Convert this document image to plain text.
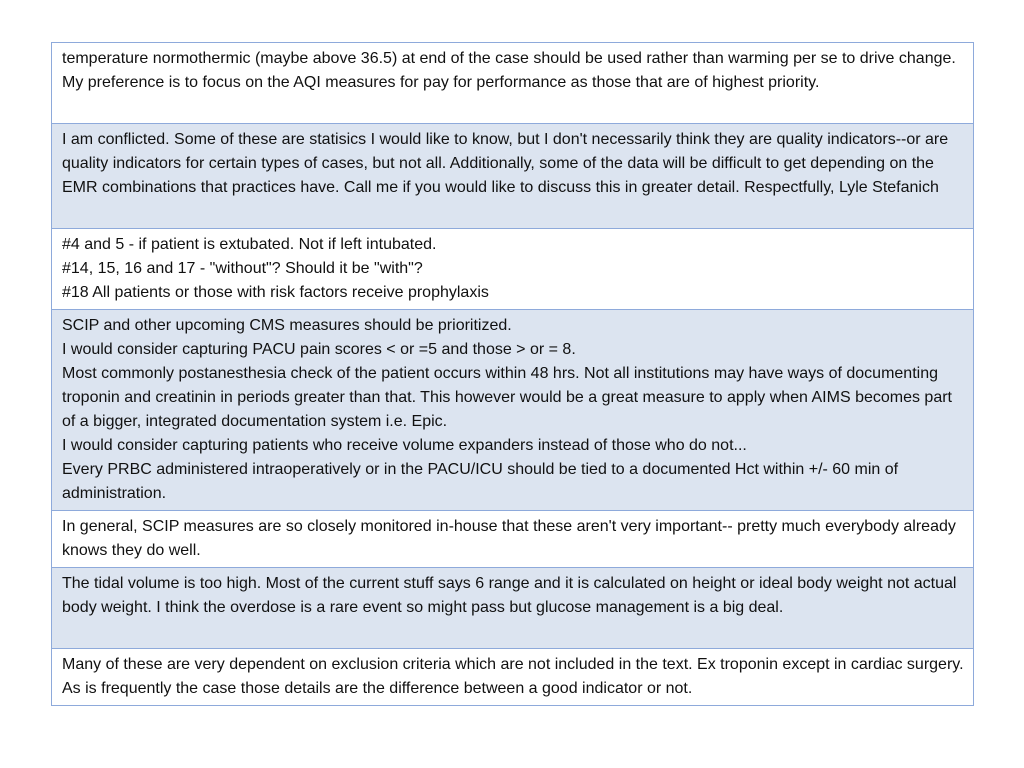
temperature normothermic (maybe above 36.5) at end of the case should be used rather than warming per se to drive change. My preference is to focus on the AQI measures for pay for performance as those that are of highest priority.

I am conflicted. Some of these are statisics I would like to know, but I don't necessarily think they are quality indicators--or are quality indicators for certain types of cases, but not all. Additionally, some of the data will be difficult to get depending on the EMR combinations that practices have. Call me if you would like to discuss this in greater detail. Respectfully, Lyle Stefanich

#4 and 5 - if patient is extubated. Not if left intubated.
#14, 15, 16 and 17 - "without"? Should it be "with"?
#18 All patients or those with risk factors receive prophylaxis

SCIP and other upcoming CMS measures should be prioritized.
I would consider capturing PACU pain scores < or =5 and those > or = 8.
Most commonly postanesthesia check of the patient occurs within 48 hrs. Not all institutions may have ways of documenting troponin and creatinin in periods greater than that. This however would be a great measure to apply when AIMS becomes part of a bigger, integrated documentation system i.e. Epic.
I would consider capturing patients who receive volume expanders instead of those who do not...
Every PRBC administered intraoperatively or in the PACU/ICU should be tied to a documented Hct within +/- 60 min of administration.

In general, SCIP measures are so closely monitored in-house that these aren't very important-- pretty much everybody already knows they do well.

The tidal volume is too high. Most of the current stuff says 6 range and it is calculated on height or ideal body weight not actual body weight. I think the overdose is a rare event so might pass but glucose management is a big deal.

Many of these are very dependent on exclusion criteria which are not included in the text. Ex troponin except in cardiac surgery. As is frequently the case those details are the difference between a good indicator or not.
